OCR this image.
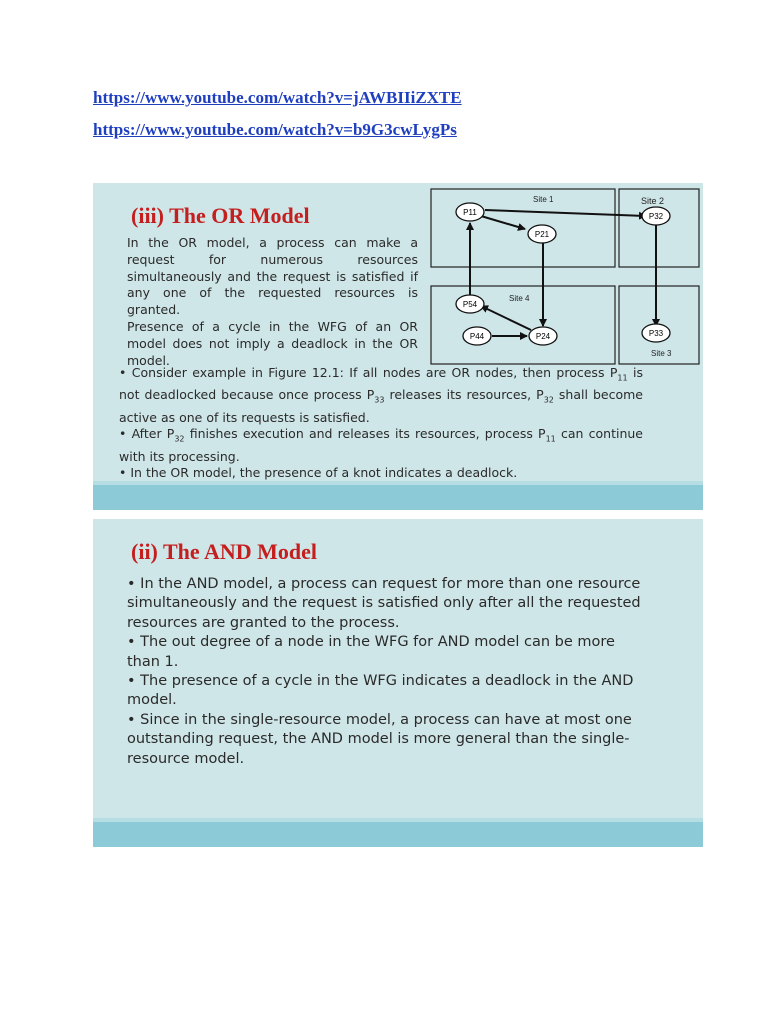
https://www.youtube.com/watch?v=jAWBIIiZXTE
https://www.youtube.com/watch?v=b9G3cwLygPs
(iii) The OR Model

In the OR model, a process can make a request for numerous resources simultaneously and the request is satisfied if any one of the requested resources is granted.

Presence of a cycle in the WFG of an OR model does not imply a deadlock in the OR model.

Site 1	Site 2
Site 4
Site 3
P11
P21
P32
P54
P44	P24	P33

• Consider example in Figure 12.1: If all nodes are OR nodes, then process $P_{11}$ is not deadlocked because once process $P_{33}$ releases its resources, $P_{32}$ shall become active as one of its requests is satisfied.

• After $P_{32}$ finishes execution and releases its resources, process $P_{11}$ can continue with its processing.

• In the OR model, the presence of a knot indicates a deadlock.

(ii) The AND Model

• In the AND model, a process can request for more than one resource simultaneously and the request is satisfied only after all the requested resources are granted to the process.

• The out degree of a node in the WFG for AND model can be more than 1.

• The presence of a cycle in the WFG indicates a deadlock in the AND model.

• Since in the single-resource model, a process can have at most one outstanding request, the AND model is more general than the single-resource model.
